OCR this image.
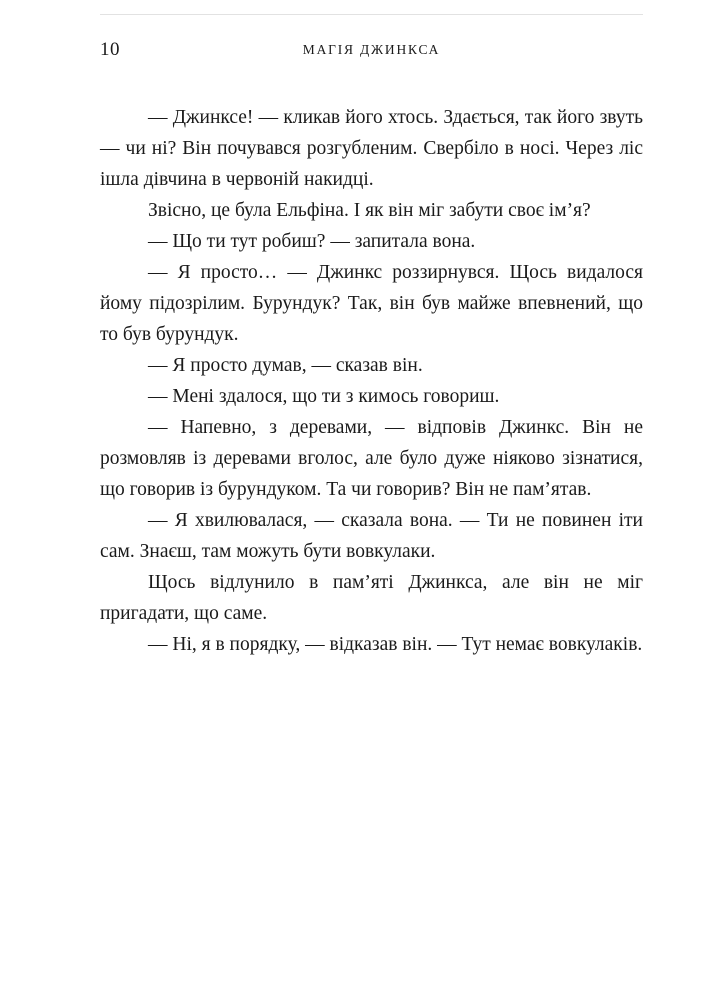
10	МАГІЯ ДЖИНКСА

— Джинксе! — кликав його хтось. Здається, так його звуть — чи ні? Він почувався розгубленим. Свербіло в носі. Через ліс ішла дівчина в червоній накидці.

Звісно, це була Ельфіна. І як він міг забути своє ім’я?

— Що ти тут робиш? — запитала вона.

— Я просто… — Джинкс роззирнувся. Щось видалося йому підозрілим. Бурундук? Так, він був майже впевнений, що то був бурундук.

— Я просто думав, — сказав він.

— Мені здалося, що ти з кимось говориш.

— Напевно, з деревами, — відповів Джинкс. Він не розмовляв із деревами вголос, але було дуже ніяково зізнатися, що говорив із бурундуком. Та чи говорив? Він не пам’ятав.

— Я хвилювалася, — сказала вона. — Ти не повинен іти сам. Знаєш, там можуть бути вовкулаки.

Щось відлунило в пам’яті Джинкса, але він не міг пригадати, що саме.

— Ні, я в порядку, — відказав він. — Тут немає вовкулаків.
